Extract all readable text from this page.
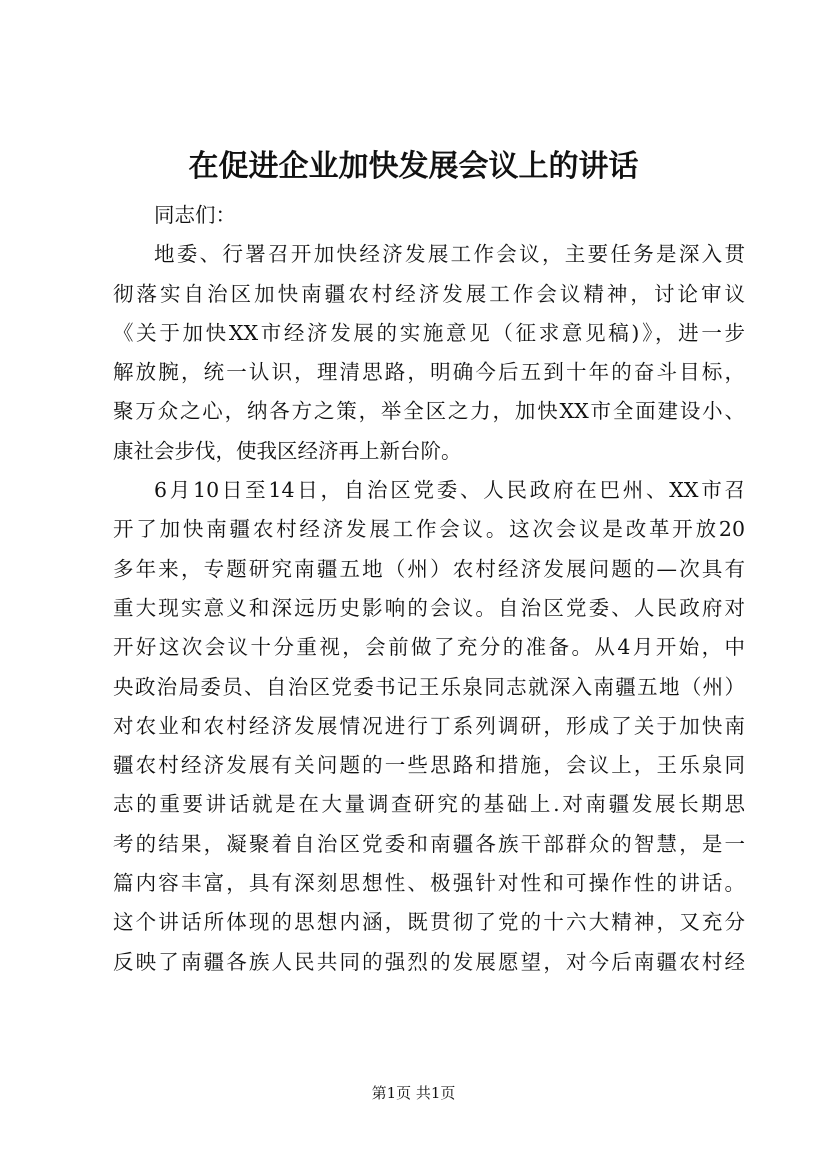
在促进企业加快发展会议上的讲话
同志们：
地委、行署召开加快经济发展工作会议，主要任务是深入贯
彻落实自治区加快南疆农村经济发展工作会议精神，讨论审议
《关于加快XX市经济发展的实施意见（征求意见稿)》，进一步
解放腕，统一认识，理清思路，明确今后五到十年的奋斗目标，
聚万众之心，纳各方之策，举全区之力，加快XX市全面建设小、
康社会步伐，使我区经济再上新台阶。
6月10日至14日，自治区党委、人民政府在巴州、XX市召
开了加快南疆农村经济发展工作会议。这次会议是改革开放20
多年来，专题研究南疆五地（州）农村经济发展问题的—次具有
重大现实意义和深远历史影响的会议。自治区党委、人民政府对
开好这次会议十分重视，会前做了充分的准备。从4月开始，中
央政治局委员、自治区党委书记王乐泉同志就深入南疆五地（州）
对农业和农村经济发展情况进行丁系列调研，形成了关于加快南
疆农村经济发展有关问题的一些思路和措施，会议上，王乐泉同
志的重要讲话就是在大量调查研究的基础上.对南疆发展长期思
考的结果，凝聚着自治区党委和南疆各族干部群众的智慧，是一
篇内容丰富，具有深刻思想性、极强针对性和可操作性的讲话。
这个讲话所体现的思想内涵，既贯彻了党的十六大精神，又充分
反映了南疆各族人民共同的强烈的发展愿望，对今后南疆农村经
第1页 共1页
